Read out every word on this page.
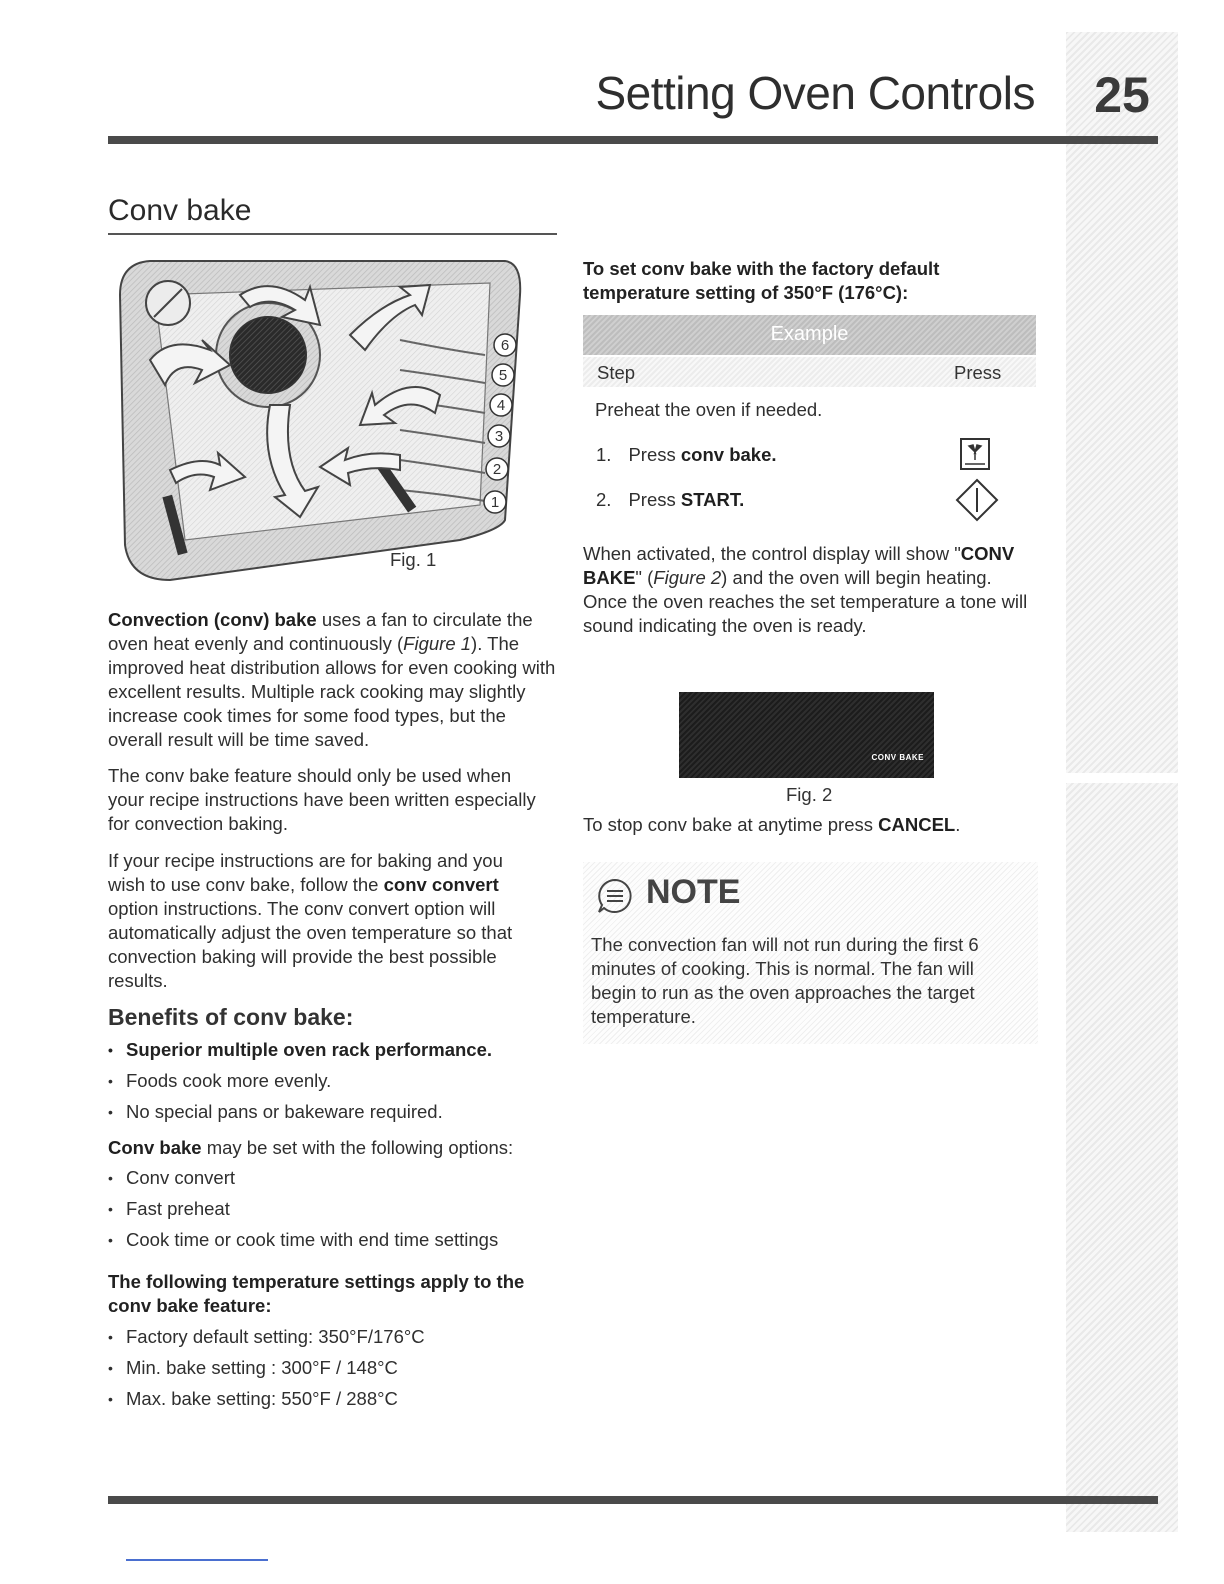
Setting Oven Controls	25
Conv bake
6
5
4
3
2
1
Fig. 1
Convection (conv) bake uses a fan to circulate the oven heat evenly and continuously (Figure 1). The improved heat distribution allows for even cooking with excellent results. Multiple rack cooking may slightly increase cook times for some food types, but the overall result will be time saved.
The conv bake feature should only be used when your recipe instructions have been written especially for convection baking.
If your recipe instructions are for baking and you wish to use conv bake, follow the conv convert option instructions. The conv convert option will automatically adjust the oven temperature so that convection baking will provide the best possible results.
Benefits of conv bake:
• Superior multiple oven rack performance.
• Foods cook more evenly.
• No special pans or bakeware required.
Conv bake may be set with the following options:
• Conv convert
• Fast preheat
• Cook time or cook time with end time settings
The following temperature settings apply to the conv bake feature:
• Factory default setting: 350°F/176°C
• Min. bake setting : 300°F / 148°C
• Max. bake setting: 550°F / 288°C
To set conv bake with the factory default temperature setting of 350°F (176°C):
Example
Step	Press
Preheat the oven if needed.
1. Press conv bake.
2. Press START.
When activated, the control display will show "CONV BAKE" (Figure 2) and the oven will begin heating. Once the oven reaches the set temperature a tone will sound indicating the oven is ready.
CONV BAKE
Fig. 2
To stop conv bake at anytime press CANCEL.
NOTE
The convection fan will not run during the first 6 minutes of cooking. This is normal. The fan will begin to run as the oven approaches the target temperature.
